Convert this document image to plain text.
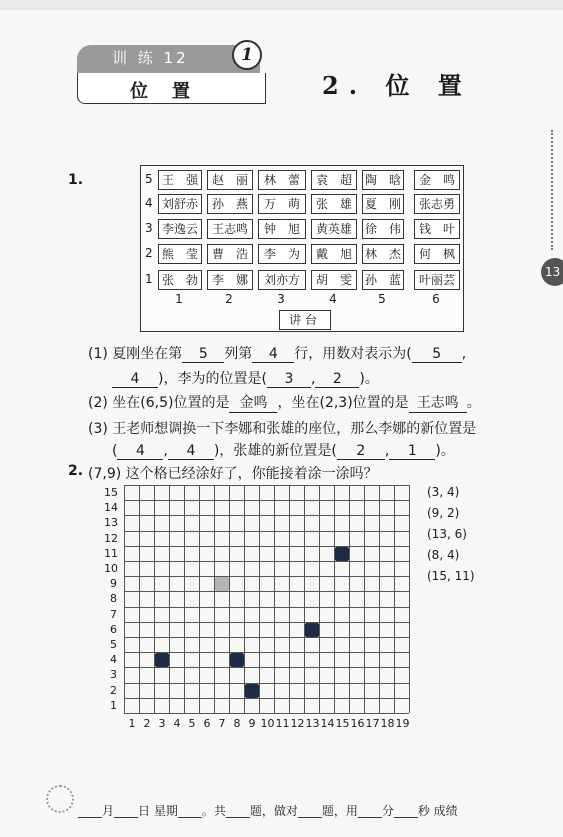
训 练 12	1
位置	2. 位 置
13
1.	5 王　强	赵　丽	林　蕾	袁　超	陶　晗	金　鸣
4 刘舒赤	孙　燕	万　萌	张　雄	夏　刚	张志勇
3 李逸云	王志鸣	钟　旭	黄英雄	徐　伟	钱　叶
2 熊　莹	曹　浩	李　为	戴　旭	林　杰	何　枫
1 张　勃	李　娜	刘亦方	胡　雯	孙　蓝	叶丽芸
1	2	3	4	5	6
讲台
(1) 夏刚坐在第 5 列第 4 行，用数对表示为( 5 ,
4 )，李为的位置是( 3 , 2 )。
(2) 坐在(6,5)位置的是 金鸣 ，坐在(2,3)位置的是 王志鸣 。
(3) 王老师想调换一下李娜和张雄的座位，那么李娜的新位置是
( 4 , 4 )，张雄的新位置是( 2 , 1 )。
2. (7,9) 这个格已经涂好了，你能接着涂一涂吗？
15
14
13
12
11
10
9
8
7
6
5
4
3
2
1
1 2 3 4 5 6 7 8 9 10 11 12 13 14 15 16 17 18 19
(3, 4)
(9, 2)
(13, 6)
(8, 4)
(15, 11)
____月____日 星期____。共____题，做对____题，用____分____秒 成绩
